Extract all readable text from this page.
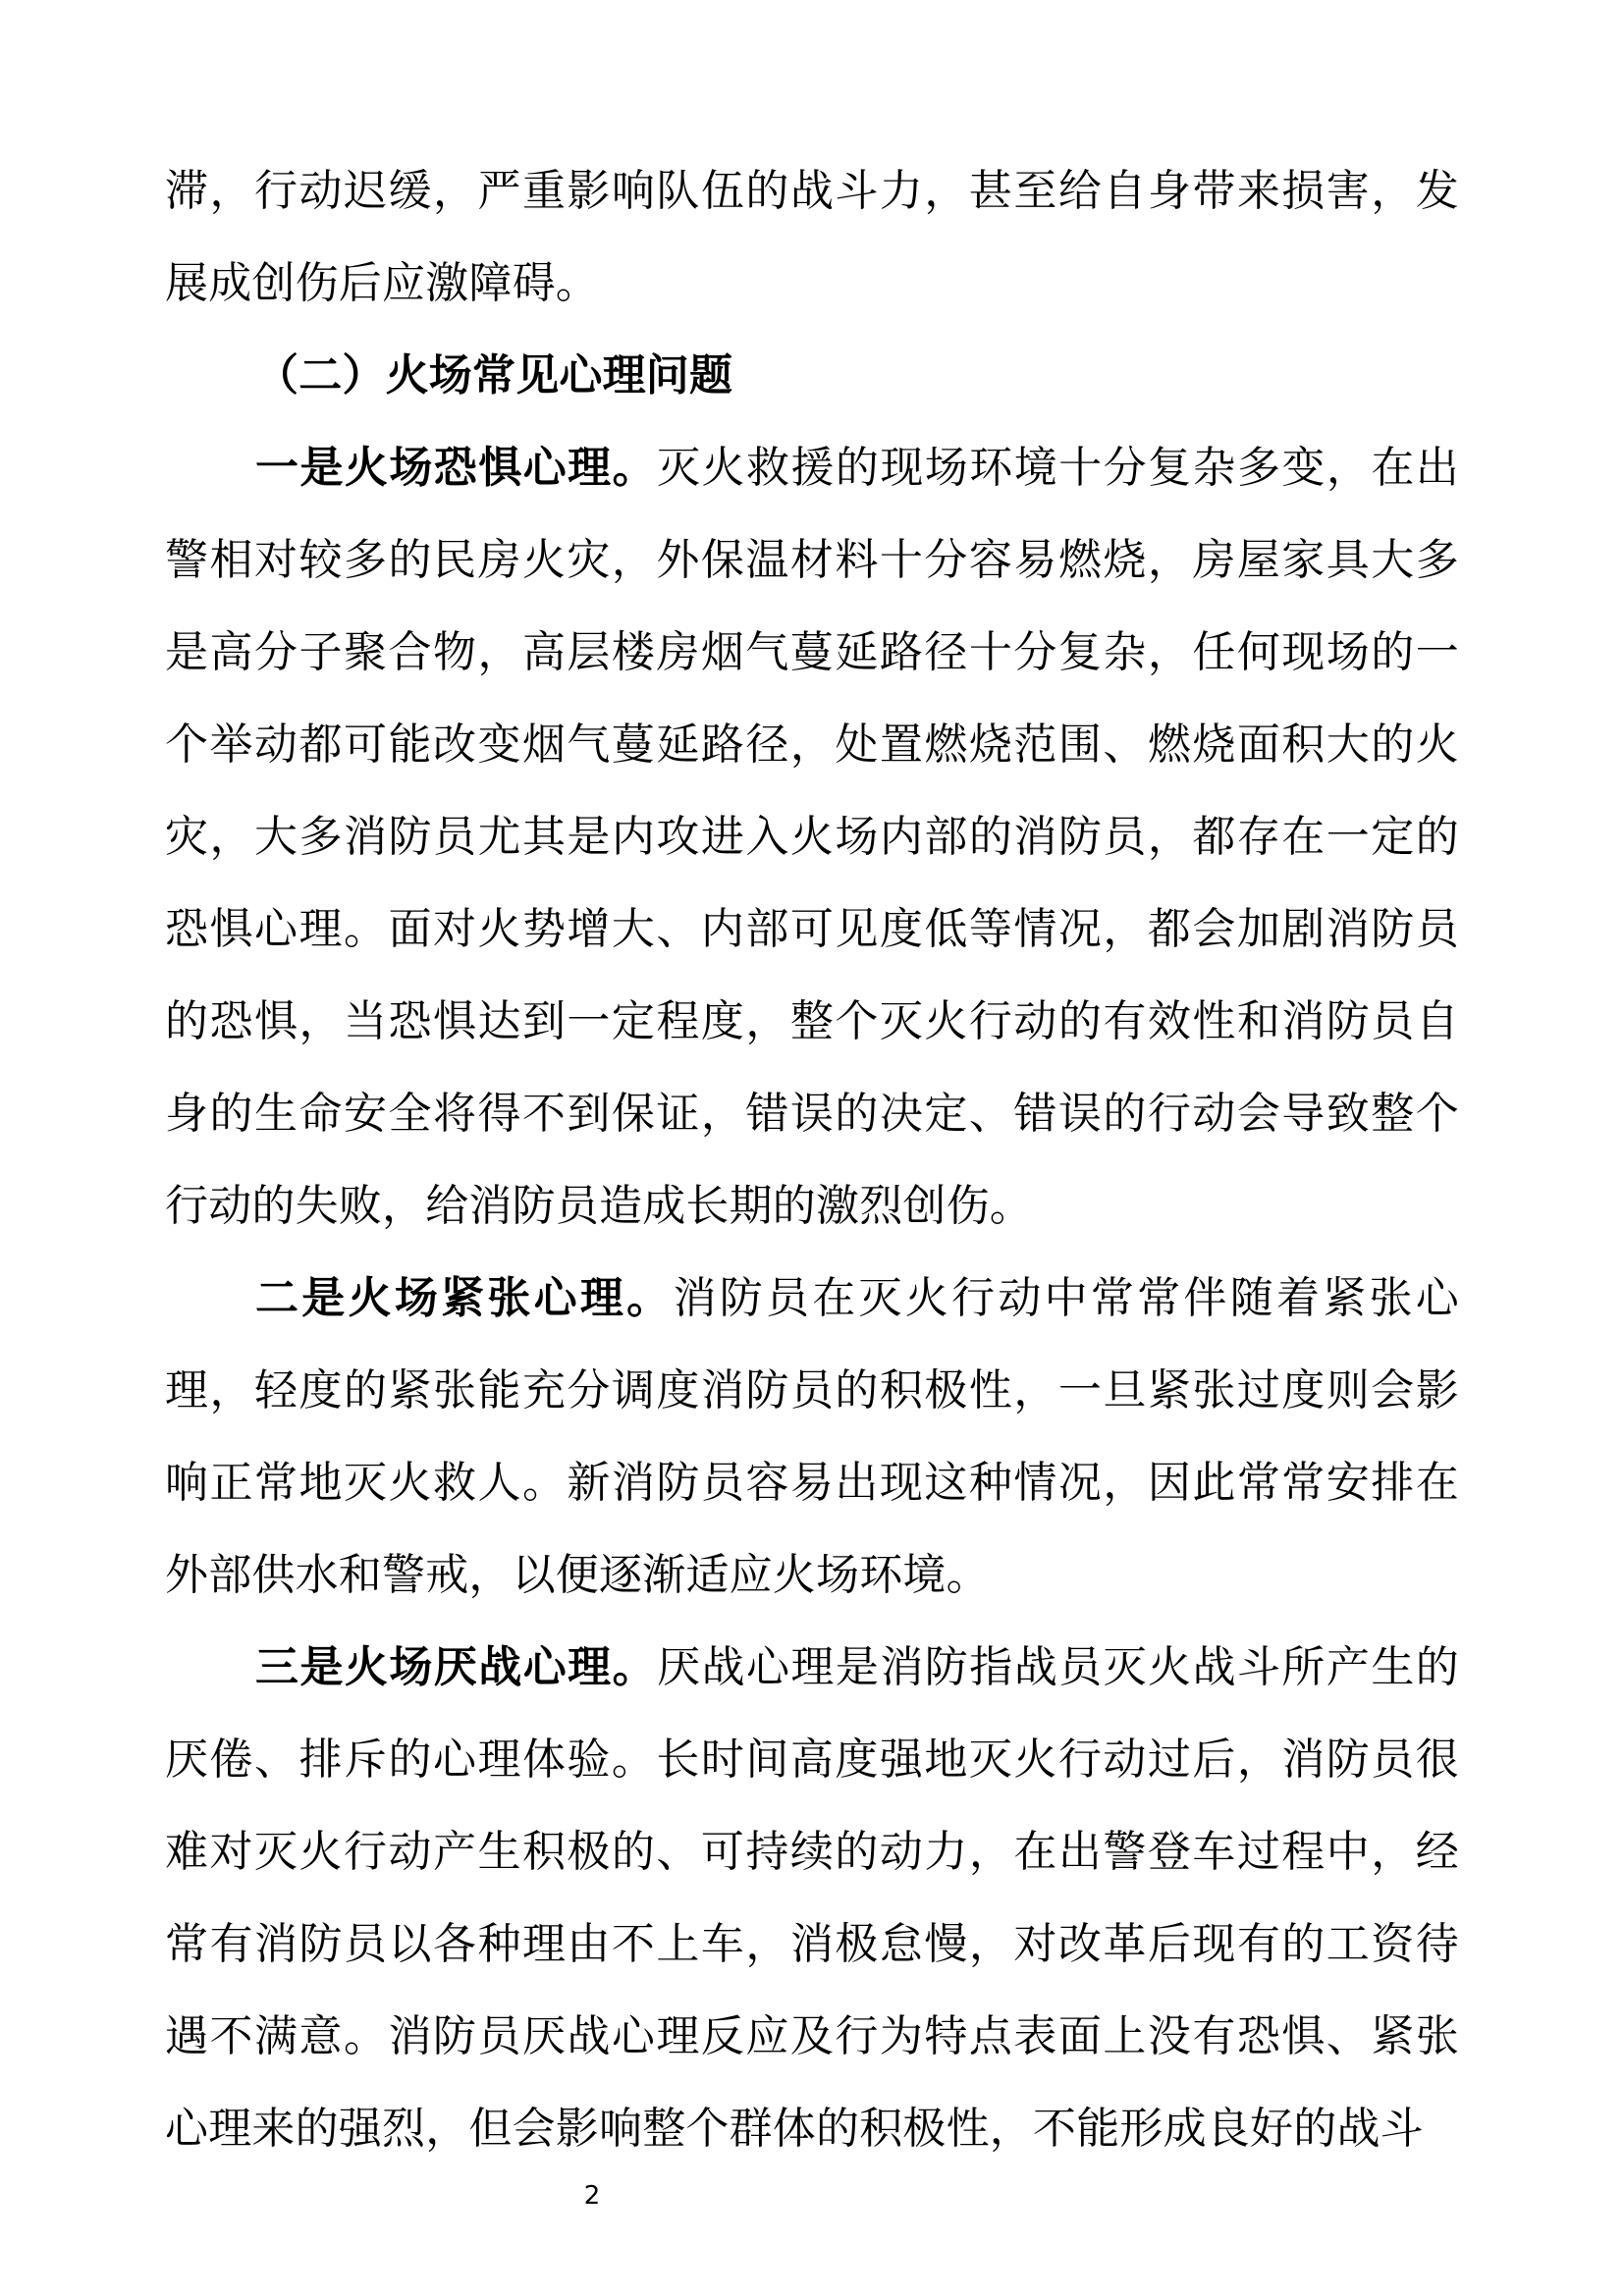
滞，行动迟缓，严重影响队伍的战斗力，甚至给自身带来损害，发展成创伤后应激障碍。

（二）火场常见心理问题

一是火场恐惧心理。灭火救援的现场环境十分复杂多变，在出警相对较多的民房火灾，外保温材料十分容易燃烧，房屋家具大多是高分子聚合物，高层楼房烟气蔓延路径十分复杂，任何现场的一个举动都可能改变烟气蔓延路径，处置燃烧范围、燃烧面积大的火灾，大多消防员尤其是内攻进入火场内部的消防员，都存在一定的恐惧心理。面对火势增大、内部可见度低等情况，都会加剧消防员的恐惧，当恐惧达到一定程度，整个灭火行动的有效性和消防员自身的生命安全将得不到保证，错误的决定、错误的行动会导致整个行动的失败，给消防员造成长期的激烈创伤。

二是火场紧张心理。消防员在灭火行动中常常伴随着紧张心理，轻度的紧张能充分调度消防员的积极性，一旦紧张过度则会影响正常地灭火救人。新消防员容易出现这种情况，因此常常安排在外部供水和警戒，以便逐渐适应火场环境。

三是火场厌战心理。厌战心理是消防指战员灭火战斗所产生的厌倦、排斥的心理体验。长时间高度强地灭火行动过后，消防员很难对灭火行动产生积极的、可持续的动力，在出警登车过程中，经常有消防员以各种理由不上车，消极怠慢，对改革后现有的工资待遇不满意。消防员厌战心理反应及行为特点表面上没有恐惧、紧张心理来的强烈，但会影响整个群体的积极性，不能形成良好的战斗

2
